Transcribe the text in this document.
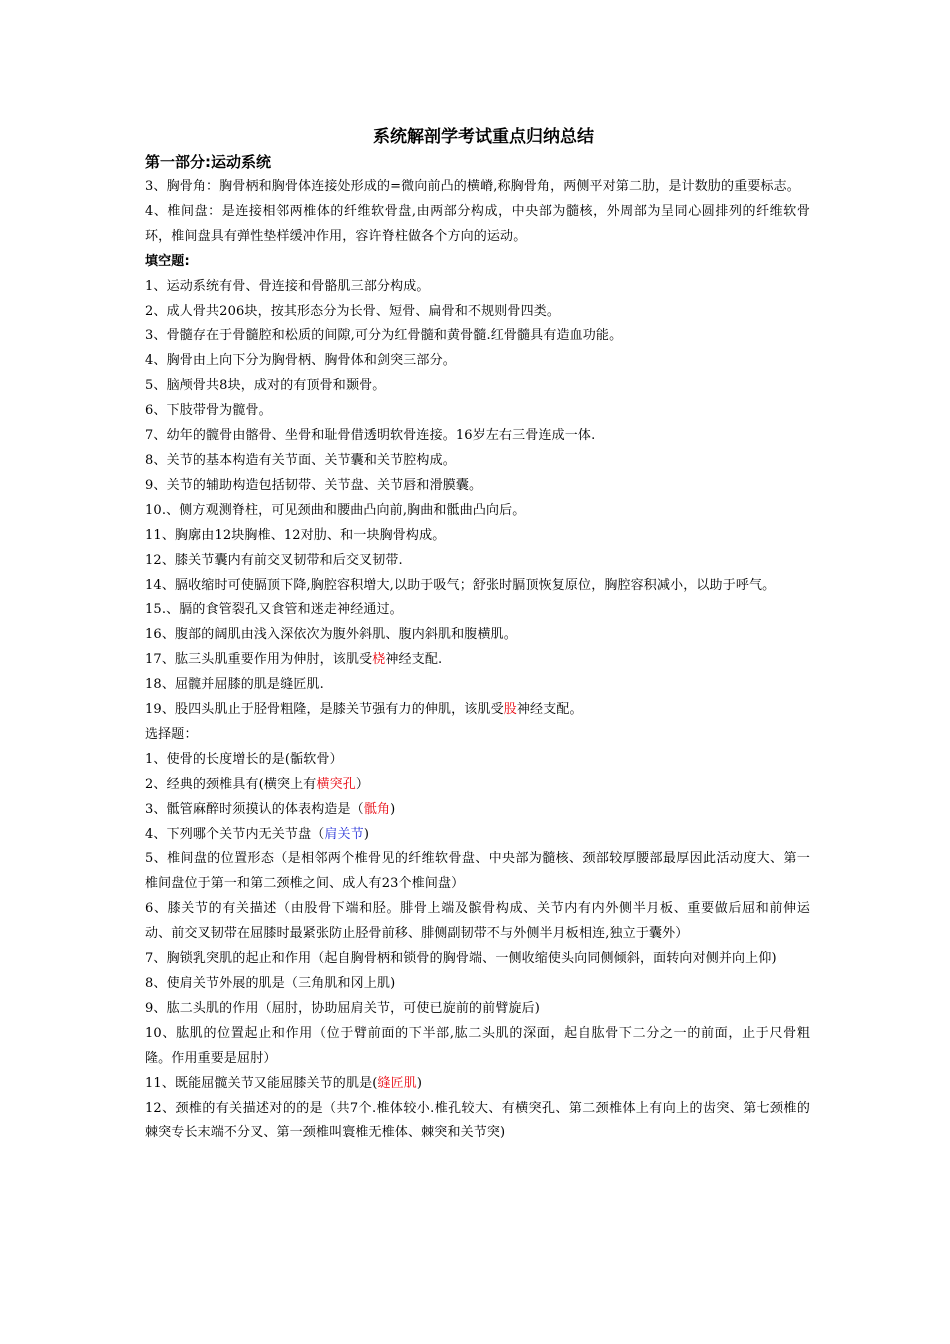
系统解剖学考试重点归纳总结

第一部分:运动系统

3、胸骨角：胸骨柄和胸骨体连接处形成的=微向前凸的横嵴,称胸骨角，两侧平对第二肋，是计数肋的重要标志。

4、椎间盘：是连接相邻两椎体的纤维软骨盘,由两部分构成，中央部为髓核，外周部为呈同心圆排列的纤维软骨环，椎间盘具有弹性垫样缓冲作用，容许脊柱做各个方向的运动。

填空题:

1、运动系统有骨、骨连接和骨骼肌三部分构成。

2、成人骨共206块，按其形态分为长骨、短骨、扁骨和不规则骨四类。

3、骨髓存在于骨髓腔和松质的间隙,可分为红骨髓和黄骨髓.红骨髓具有造血功能。

4、胸骨由上向下分为胸骨柄、胸骨体和剑突三部分。

5、脑颅骨共8块，成对的有顶骨和颞骨。

6、下肢带骨为髋骨。

7、幼年的髋骨由髂骨、坐骨和耻骨借透明软骨连接。16岁左右三骨连成一体.

8、关节的基本构造有关节面、关节囊和关节腔构成。

9、关节的辅助构造包括韧带、关节盘、关节唇和滑膜囊。

10.、侧方观测脊柱，可见颈曲和腰曲凸向前,胸曲和骶曲凸向后。

11、胸廓由12块胸椎、12对肋、和一块胸骨构成。

12、膝关节囊内有前交叉韧带和后交叉韧带.

14、膈收缩时可使膈顶下降,胸腔容积增大,以助于吸气；舒张时膈顶恢复原位，胸腔容积减小，以助于呼气。

15.、膈的食管裂孔又食管和迷走神经通过。

16、腹部的阔肌由浅入深依次为腹外斜肌、腹内斜肌和腹横肌。

17、肱三头肌重要作用为伸肘，该肌受桡神经支配.

18、屈髋并屈膝的肌是缝匠肌.

19、股四头肌止于胫骨粗隆，是膝关节强有力的伸肌，该肌受股神经支配。

选择题：

1、使骨的长度增长的是(骺软骨）

2、经典的颈椎具有(横突上有横突孔）

3、骶管麻醉时须摸认的体表构造是（骶角)

4、下列哪个关节内无关节盘（肩关节)

5、椎间盘的位置形态（是相邻两个椎骨见的纤维软骨盘、中央部为髓核、颈部较厚腰部最厚因此活动度大、第一椎间盘位于第一和第二颈椎之间、成人有23个椎间盘）

6、膝关节的有关描述（由股骨下端和胫。腓骨上端及髌骨构成、关节内有内外侧半月板、重要做后屈和前伸运动、前交叉韧带在屈膝时最紧张防止胫骨前移、腓侧副韧带不与外侧半月板相连,独立于囊外）

7、胸锁乳突肌的起止和作用（起自胸骨柄和锁骨的胸骨端、一侧收缩使头向同侧倾斜，面转向对侧并向上仰)

8、使肩关节外展的肌是（三角肌和冈上肌)

9、肱二头肌的作用（屈肘，协助屈肩关节，可使已旋前的前臂旋后)

10、肱肌的位置起止和作用（位于臂前面的下半部,肱二头肌的深面，起自肱骨下二分之一的前面，止于尺骨粗隆。作用重要是屈肘）

11、既能屈髋关节又能屈膝关节的肌是(缝匠肌)

12、颈椎的有关描述对的的是（共7个.椎体较小.椎孔较大、有横突孔、第二颈椎体上有向上的齿突、第七颈椎的棘突专长末端不分叉、第一颈椎叫寰椎无椎体、棘突和关节突)
